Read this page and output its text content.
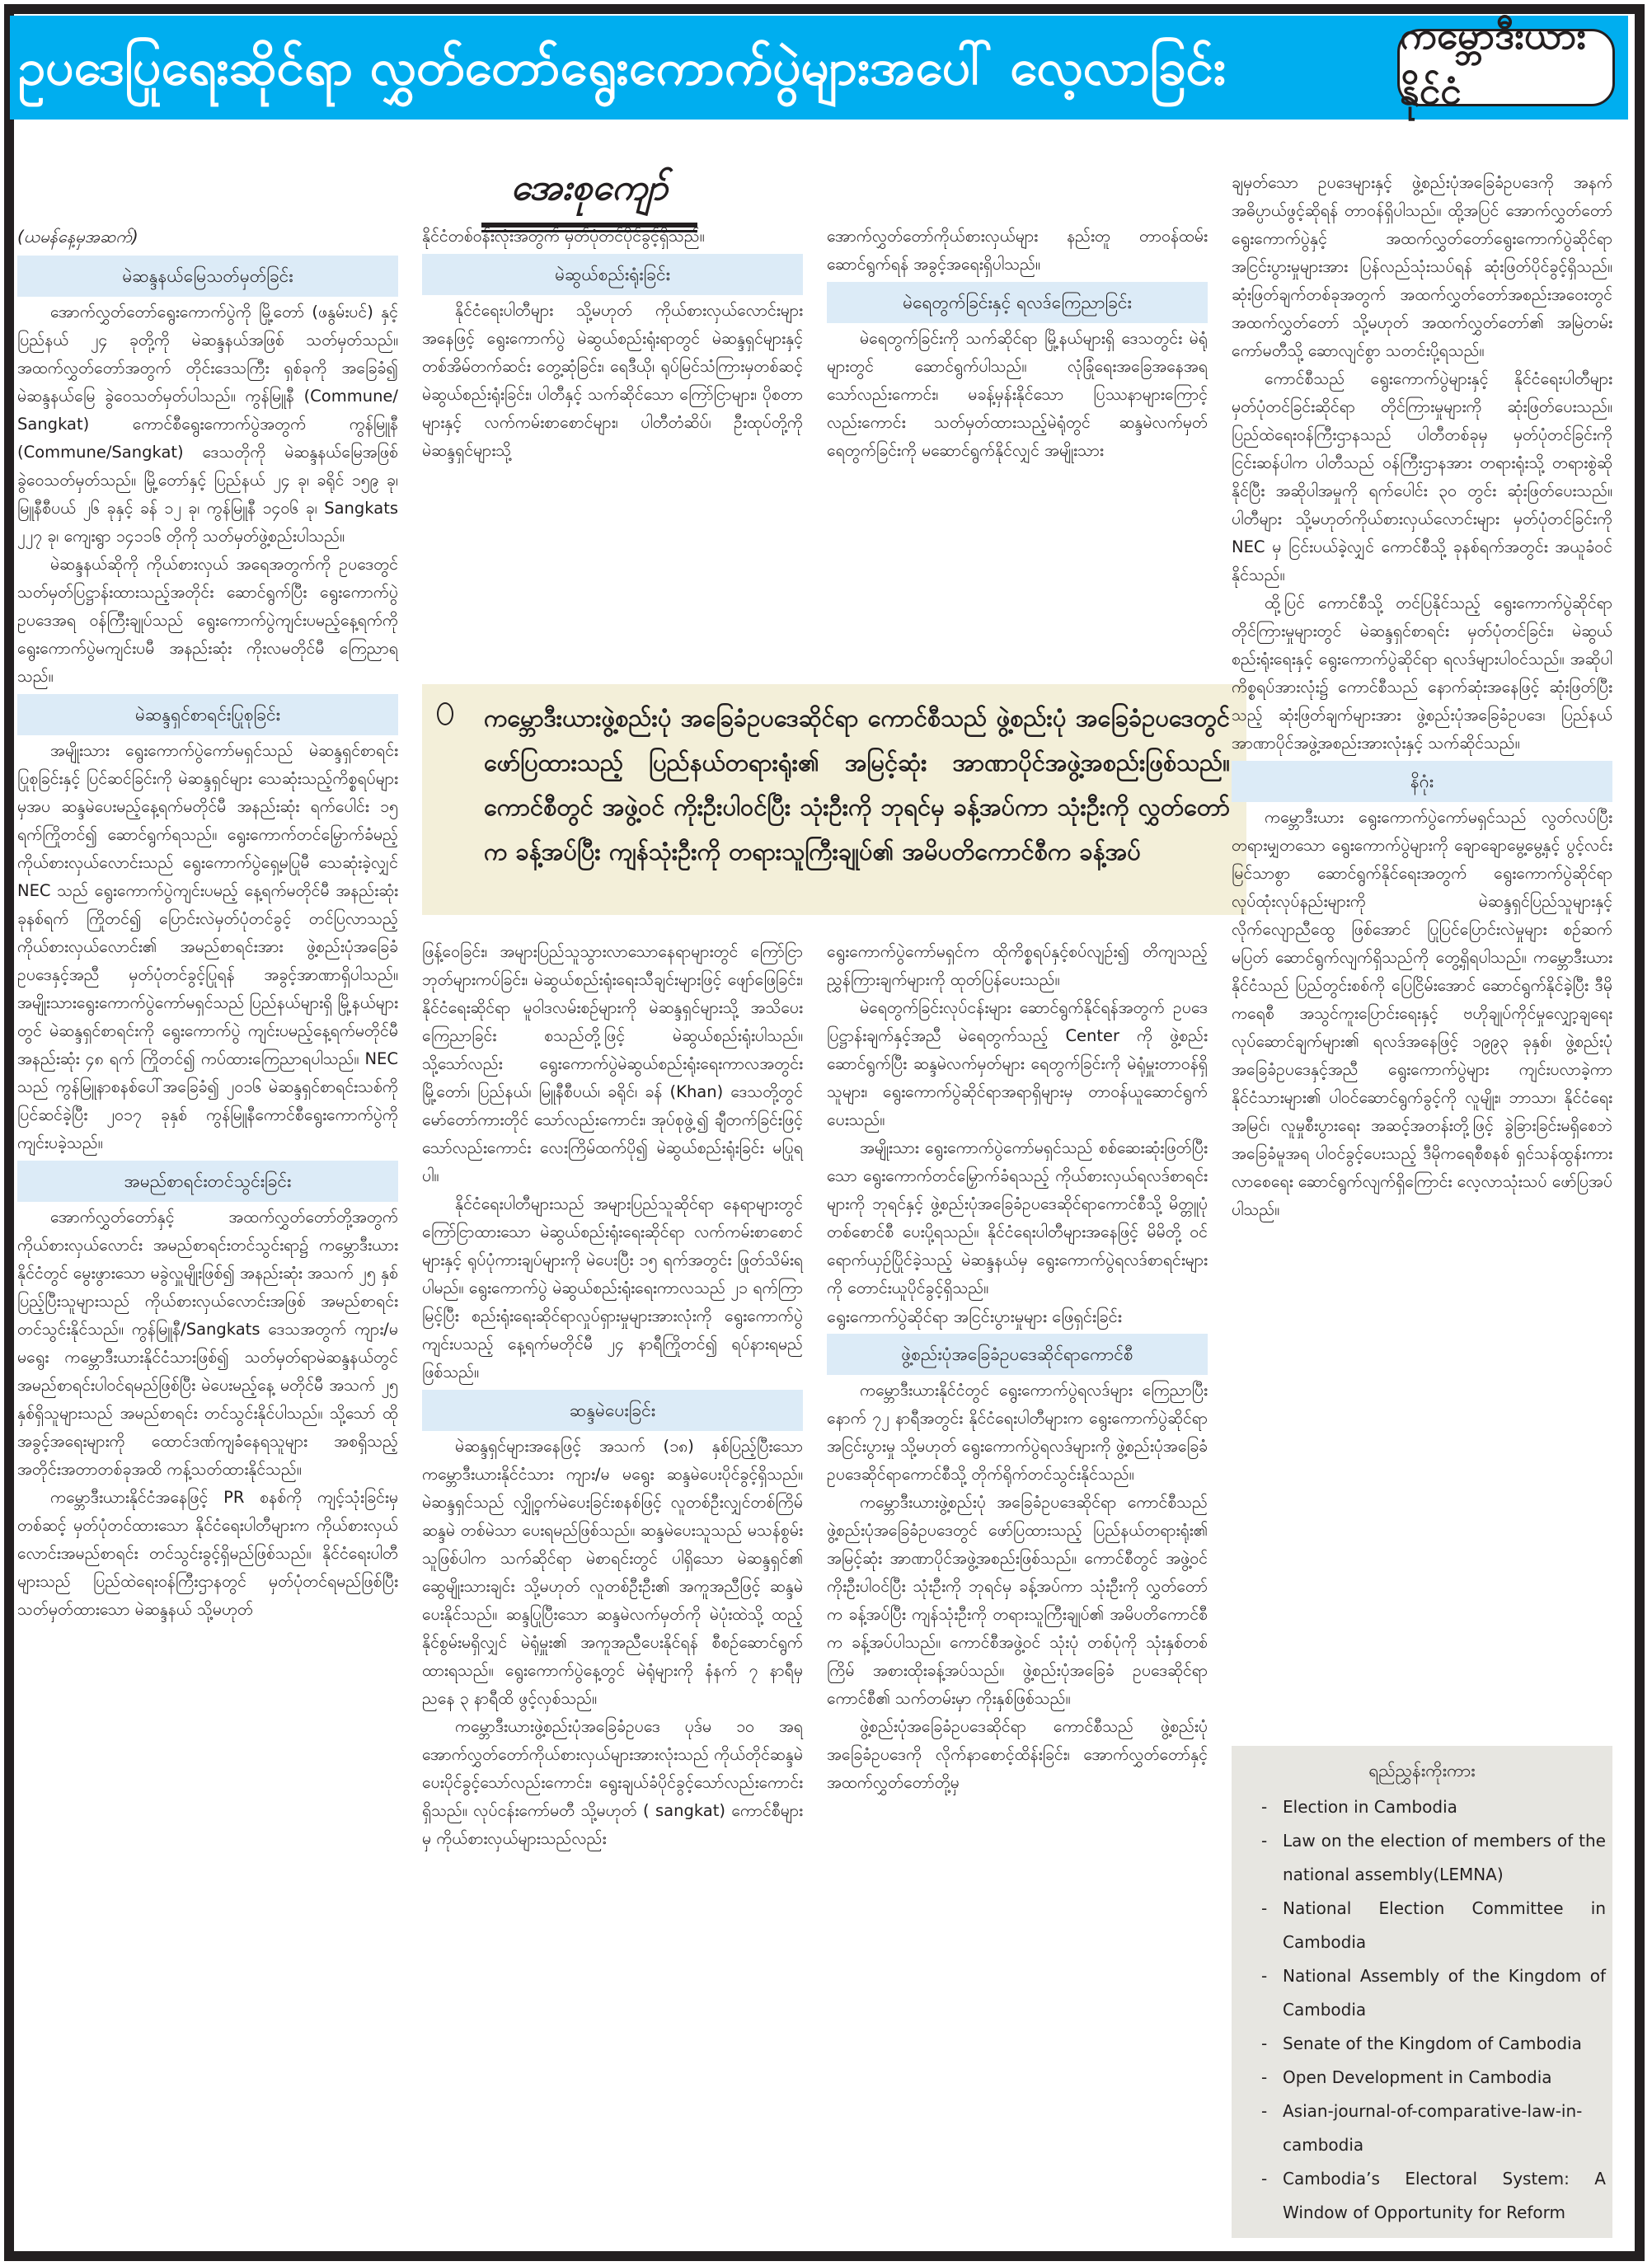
ဥပဒေပြုရေးဆိုင်ရာ လွှတ်တော်ရွေးကောက်ပွဲများအပေါ် လေ့လာခြင်း
ကမ္ဘောဒီးယားနိုင်ငံ
အေးစုကျော်
(ယမန်နေ့မှအဆက်)
မဲဆန္ဒနယ်မြေသတ်မှတ်ခြင်း

အောက်လွှတ်တော်ရွေးကောက်ပွဲကို မြို့တော် (ဖနွမ်းပင်) နှင့် ပြည်နယ် ၂၄ ခုတို့ကို မဲဆန္ဒနယ်အဖြစ် သတ်မှတ်သည်။ အထက်လွှတ်တော်အတွက် တိုင်းဒေသကြီး ရှစ်ခုကို အခြေခံ၍ မဲဆန္ဒနယ်မြေ ခွဲဝေသတ်မှတ်ပါသည်။ ကွန်မြူနီ (Commune/ Sangkat) ကောင်စီရွေးကောက်ပွဲအတွက် ကွန်မြူနီ (Commune/Sangkat) ဒေသတိုကို မဲဆန္ဒနယ်မြေအဖြစ် ခွဲဝေသတ်မှတ်သည်။ မြို့တော်နှင့် ပြည်နယ် ၂၄ ခု၊ ခရိုင် ၁၅၉ ခု၊ မြူနီစီပယ် ၂၆ ခုနှင့် ခန် ၁၂ ခု၊ ကွန်မြူနီ ၁၄၀၆ ခု၊ Sangkats ၂၂၇ ခု၊ ကျေးရွာ ၁၄၁၁၆ တိုကို သတ်မှတ်ဖွဲ့စည်းပါသည်။

မဲဆန္ဒနယ်ဆိုကို ကိုယ်စားလှယ် အရေအတွက်ကို ဥပဒေတွင် သတ်မှတ်ပြဋ္ဌာန်းထားသည့်အတိုင်း ဆောင်ရွက်ပြီး ရွေးကောက်ပွဲဥပဒေအရ ဝန်ကြီးချုပ်သည် ရွေးကောက်ပွဲကျင်းပမည့်နေ့ရက်ကို ရွေးကောက်ပွဲမကျင်းပမီ အနည်းဆုံး ကိုးလမတိုင်မီ ကြေညာရသည်။

မဲဆန္ဒရှင်စာရင်းပြုစုခြင်း

အမျိုးသား ရွေးကောက်ပွဲကော်မရှင်သည် မဲဆန္ဒရှင်စာရင်း ပြုစုခြင်းနှင့် ပြင်ဆင်ခြင်းကို မဲဆန္ဒရှင်များ သေဆုံးသည့်ကိစ္စရပ်များမှအပ ဆန္ဒမဲပေးမည့်နေ့ရက်မတိုင်မီ အနည်းဆုံး ရက်ပေါင်း ၁၅ ရက်ကြိုတင်၍ ဆောင်ရွက်ရသည်။ ရွေးကောက်တင်မြှောက်ခံမည့် ကိုယ်စားလှယ်လောင်းသည် ရွေးကောက်ပွဲရှေ့မပြုမီ သေဆုံးခဲ့လျှင် NEC သည် ရွေးကောက်ပွဲကျင်းပမည့် နေ့ရက်မတိုင်မီ အနည်းဆုံး ခုနစ်ရက် ကြိုတင်၍ ပြောင်းလဲမှတ်ပုံတင်ခွင့် တင်ပြလာသည့် ကိုယ်စားလှယ်လောင်း၏ အမည်စာရင်းအား ဖွဲ့စည်းပုံအခြေခံ ဥပဒေနှင့်အညီ မှတ်ပုံတင်ခွင့်ပြုရန် အခွင့်အာဏာရှိပါသည်။ အမျိုးသားရွေးကောက်ပွဲကော်မရှင်သည် ပြည်နယ်များရှိ မြို့နယ်များတွင် မဲဆန္ဒရှင်စာရင်းကို ရွေးကောက်ပွဲ ကျင်းပမည့်နေ့ရက်မတိုင်မီ အနည်းဆုံး ၄၈ ရက် ကြိုတင်၍ ကပ်ထားကြေညာရပါသည်။ NEC သည် ကွန်မြူနာစနစ်ပေါ်အခြေခံ၍ ၂၀၁၆ မဲဆန္ဒရှင်စာရင်းသစ်ကို ပြင်ဆင်ခဲ့ပြီး ၂၀၁၇ ခုနှစ် ကွန်မြူနီကောင်စီရွေးကောက်ပွဲကို ကျင်းပခဲ့သည်။

အမည်စာရင်းတင်သွင်းခြင်း

အောက်လွှတ်တော်နှင့် အထက်လွှတ်တော်တို့အတွက် ကိုယ်စားလှယ်လောင်း အမည်စာရင်းတင်သွင်းရာ၌ ကမ္ဘောဒီးယားနိုင်ငံတွင် မွေးဖွားသော မခွဲလှူမျိုးဖြစ်၍ အနည်းဆုံး အသက် ၂၅ နှစ်ပြည့်ပြီးသူများသည် ကိုယ်စားလှယ်လောင်းအဖြစ် အမည်စာရင်း တင်သွင်းနိုင်သည်။ ကွန်မြူနီ/Sangkats ဒေသအတွက် ကျား/မ မရွေး ကမ္ဘောဒီးယားနိုင်ငံသားဖြစ်၍ သတ်မှတ်ရာမဲဆန္ဒနယ်တွင် အမည်စာရင်းပါဝင်ရမည်ဖြစ်ပြီး မဲပေးမည့်နေ့ မတိုင်မီ အသက် ၂၅ နှစ်ရှိသူများသည် အမည်စာရင်း တင်သွင်းနိုင်ပါသည်။ သို့သော် ထိုအခွင့်အရေးများကို ထောင်ဒဏ်ကျခံနေရသူများ အစရှိသည့် အတိုင်းအတာတစ်ခုအထိ ကန့်သတ်ထားနိုင်သည်။

ကမ္ဘောဒီးယားနိုင်ငံအနေဖြင့် PR စနစ်ကို ကျင့်သုံးခြင်းမှတစ်ဆင့် မှတ်ပုံတင်ထားသော နိုင်ငံရေးပါတီများက ကိုယ်စားလှယ်လောင်းအမည်စာရင်း တင်သွင်းခွင့်ရှိမည်ဖြစ်သည်။ နိုင်ငံရေးပါတီများသည် ပြည်ထဲရေးဝန်ကြီးဌာနတွင် မှတ်ပုံတင်ရမည်ဖြစ်ပြီး သတ်မှတ်ထားသော မဲဆန္ဒနယ် သို့မဟုတ်

နိုင်ငံတစ်ဝန်းလုံးအတွက် မှတ်ပုံတင်ပိုင်ခွင့်ရှိသည်။

မဲဆွယ်စည်းရုံးခြင်း

နိုင်ငံရေးပါတီများ သို့မဟုတ် ကိုယ်စားလှယ်လောင်းများအနေဖြင့် ရွေးကောက်ပွဲ မဲဆွယ်စည်းရုံးရာတွင် မဲဆန္ဒရှင်များနှင့် တစ်အိမ်တက်ဆင်း တွေ့ဆုံခြင်း၊ ရေဒီယို၊ ရုပ်မြင်သံကြားမှတစ်ဆင့် မဲဆွယ်စည်းရုံးခြင်း၊ ပါတီနှင့် သက်ဆိုင်သော ကြော်ငြာများ၊ ပိုစတာများနှင့် လက်ကမ်းစာစောင်များ၊ ပါတီတံဆိပ်၊ ဦးထုပ်တို့ကို မဲဆန္ဒရှင်များသို့

အောက်လွှတ်တော်ကိုယ်စားလှယ်များ နည်းတူ တာဝန်ထမ်းဆောင်ရွက်ရန် အခွင့်အရေးရှိပါသည်။

မဲရေတွက်ခြင်းနှင့် ရလဒ်ကြေညာခြင်း

မဲရေတွက်ခြင်းကို သက်ဆိုင်ရာ မြို့နယ်များရှိ ဒေသတွင်း မဲရုံများတွင် ဆောင်ရွက်ပါသည်။ လုံခြုံရေးအခြေအနေအရသော်လည်းကောင်း၊ မခန့်မှန်းနိုင်သော ပြဿနာများကြောင့်လည်းကောင်း သတ်မှတ်ထားသည့်မဲရုံတွင် ဆန္ဒမဲလက်မှတ် ရေတွက်ခြင်းကို မဆောင်ရွက်နိုင်လျှင် အမျိုးသား

ကမ္ဘောဒီးယားဖွဲ့စည်းပုံ အခြေခံဥပဒေဆိုင်ရာ ကောင်စီသည် ဖွဲ့စည်းပုံ အခြေခံဥပဒေတွင် ဖော်ပြထားသည့် ပြည်နယ်တရားရုံး၏ အမြင့်ဆုံး အာဏာပိုင်အဖွဲ့အစည်းဖြစ်သည်။ ကောင်စီတွင် အဖွဲ့ဝင် ကိုးဦးပါဝင်ပြီး သုံးဦးကို ဘုရင်မှ ခန့်အပ်ကာ သုံးဦးကို လွှတ်တော်က ခန့်အပ်ပြီး ကျန်သုံးဦးကို တရားသူကြီးချုပ်၏ အမိပတိကောင်စီက ခန့်အပ်

ဖြန့်ဝေခြင်း၊ အများပြည်သူသွားလာသောနေရာများတွင် ကြော်ငြာဘုတ်များကပ်ခြင်း၊ မဲဆွယ်စည်းရုံးရေးသီချင်းများဖြင့် ဖျော်ဖြေခြင်း၊ နိုင်ငံရေးဆိုင်ရာ မူဝါဒလမ်းစဉ်များကို မဲဆန္ဒရှင်များသို့ အသိပေးကြေညာခြင်း စသည်တို့ဖြင့် မဲဆွယ်စည်းရုံးပါသည်။ သို့သော်လည်း ရွေးကောက်ပွဲမဲဆွယ်စည်းရုံးရေးကာလအတွင်း မြို့တော်၊ ပြည်နယ်၊ မြူနီစီပယ်၊ ခရိုင်၊ ခန် (Khan) ဒေသတို့တွင် မော်တော်ကားတိုင် သော်လည်းကောင်း၊ အုပ်စုဖွဲ့၍ ချီတက်ခြင်းဖြင့် သော်လည်းကောင်း လေးကြိမ်ထက်ပို၍ မဲဆွယ်စည်းရုံးခြင်း မပြုရပါ။

နိုင်ငံရေးပါတီများသည် အများပြည်သူဆိုင်ရာ နေရာများတွင် ကြော်ငြာထားသော မဲဆွယ်စည်းရုံးရေးဆိုင်ရာ လက်ကမ်းစာစောင်များနှင့် ရုပ်ပုံကားချပ်များကို မဲပေးပြီး ၁၅ ရက်အတွင်း ဖြုတ်သိမ်းရပါမည်။ ရွေးကောက်ပွဲ မဲဆွယ်စည်းရုံးရေးကာလသည် ၂၁ ရက်ကြာမြင့်ပြီး စည်းရုံးရေးဆိုင်ရာလှုပ်ရှားမှုများအားလုံးကို ရွေးကောက်ပွဲကျင်းပသည့် နေ့ရက်မတိုင်မီ ၂၄ နာရီကြိုတင်၍ ရပ်နားရမည်ဖြစ်သည်။

ဆန္ဒမဲပေးခြင်း

မဲဆန္ဒရှင်များအနေဖြင့် အသက် (၁၈) နှစ်ပြည့်ပြီးသော ကမ္ဘောဒီးယားနိုင်ငံသား ကျား/မ မရွေး ဆန္ဒမဲပေးပိုင်ခွင့်ရှိသည်။ မဲဆန္ဒရှင်သည် လျှို့ဝှက်မဲပေးခြင်းစနစ်ဖြင့် လူတစ်ဦးလျှင်တစ်ကြိမ် ဆန္ဒမဲ တစ်မဲသာ ပေးရမည်ဖြစ်သည်။ ဆန္ဒမဲပေးသူသည် မသန်စွမ်းသူဖြစ်ပါက သက်ဆိုင်ရာ မဲစာရင်းတွင် ပါရှိသော မဲဆန္ဒရှင်၏ ဆွေမျိုးသားချင်း သို့မဟုတ် လူတစ်ဦးဦး၏ အကူအညီဖြင့် ဆန္ဒမဲပေးနိုင်သည်။ ဆန္ဒပြုပြီးသော ဆန္ဒမဲလက်မှတ်ကို မဲပုံးထဲသို့ ထည့်နိုင်စွမ်းမရှိလျှင် မဲရုံမှူး၏ အကူအညီပေးနိုင်ရန် စီစဉ်ဆောင်ရွက်ထားရသည်။ ရွေးကောက်ပွဲနေ့တွင် မဲရုံများကို နံနက် ၇ နာရီမှ ညနေ ၃ နာရီထိ ဖွင့်လှစ်သည်။

ကမ္ဘောဒီးယားဖွဲ့စည်းပုံအခြေခံဥပဒေ ပုဒ်မ ၁၀ အရ အောက်လွှတ်တော်ကိုယ်စားလှယ်များအားလုံးသည် ကိုယ်တိုင်ဆန္ဒမဲပေးပိုင်ခွင့်သော်လည်းကောင်း၊ ရွေးချယ်ခံပိုင်ခွင့်သော်လည်းကောင်း ရှိသည်။ လုပ်ငန်းကော်မတီ သို့မဟုတ် ( sangkat) ကောင်စီများမှ ကိုယ်စားလှယ်များသည်လည်း

ရွေးကောက်ပွဲကော်မရှင်က ထိုကိစ္စရပ်နှင့်စပ်လျဉ်း၍ တိကျသည့်ညွှန်ကြားချက်များကို ထုတ်ပြန်ပေးသည်။

မဲရေတွက်ခြင်းလုပ်ငန်းများ ဆောင်ရွက်နိုင်ရန်အတွက် ဥပဒေပြဋ္ဌာန်းချက်နှင့်အညီ မဲရေတွက်သည့် Center ကို ဖွဲ့စည်းဆောင်ရွက်ပြီး ဆန္ဒမဲလက်မှတ်များ ရေတွက်ခြင်းကို မဲရုံမှူးတာဝန်ရှိသူများ၊ ရွေးကောက်ပွဲဆိုင်ရာအရာရှိများမှ တာဝန်ယူဆောင်ရွက်ပေးသည်။

အမျိုးသား ရွေးကောက်ပွဲကော်မရှင်သည် စစ်ဆေးဆုံးဖြတ်ပြီးသော ရွေးကောက်တင်မြှောက်ခံရသည့် ကိုယ်စားလှယ်ရလဒ်စာရင်းများကို ဘုရင်နှင့် ဖွဲ့စည်းပုံအခြေခံဥပဒေဆိုင်ရာကောင်စီသို့ မိတ္တူပုံတစ်စောင်စီ ပေးပို့ရသည်။ နိုင်ငံရေးပါတီများအနေဖြင့် မိမိတို့ ဝင်ရောက်ယှဉ်ပြိုင်ခဲ့သည့် မဲဆန္ဒနယ်မှ ရွေးကောက်ပွဲရလဒ်စာရင်းများကို တောင်းယူပိုင်ခွင့်ရှိသည်။

ရွေးကောက်ပွဲဆိုင်ရာ အငြင်းပွားမှုများ ဖြေရှင်းခြင်း
ဖွဲ့စည်းပုံအခြေခံဥပဒေဆိုင်ရာကောင်စီ

ကမ္ဘောဒီးယားနိုင်ငံတွင် ရွေးကောက်ပွဲရလဒ်များ ကြေညာပြီးနောက် ၇၂ နာရီအတွင်း နိုင်ငံရေးပါတီများက ရွေးကောက်ပွဲဆိုင်ရာ အငြင်းပွားမှု သို့မဟုတ် ရွေးကောက်ပွဲရလဒ်များကို ဖွဲ့စည်းပုံအခြေခံဥပဒေဆိုင်ရာကောင်စီသို့ တိုက်ရိုက်တင်သွင်းနိုင်သည်။

ကမ္ဘောဒီးယားဖွဲ့စည်းပုံ အခြေခံဥပဒေဆိုင်ရာ ကောင်စီသည် ဖွဲ့စည်းပုံအခြေခံဥပဒေတွင် ဖော်ပြထားသည့် ပြည်နယ်တရားရုံး၏ အမြင့်ဆုံး အာဏာပိုင်အဖွဲ့အစည်းဖြစ်သည်။ ကောင်စီတွင် အဖွဲ့ဝင် ကိုးဦးပါဝင်ပြီး သုံးဦးကို ဘုရင်မှ ခန့်အပ်ကာ သုံးဦးကို လွှတ်တော်က ခန့်အပ်ပြီး ကျန်သုံးဦးကို တရားသူကြီးချုပ်၏ အမိပတိကောင်စီက ခန့်အပ်ပါသည်။ ကောင်စီအဖွဲ့ဝင် သုံးပုံ တစ်ပုံကို သုံးနှစ်တစ်ကြိမ် အစားထိုးခန့်အပ်သည်။ ဖွဲ့စည်းပုံအခြေခံ ဥပဒေဆိုင်ရာကောင်စီ၏ သက်တမ်းမှာ ကိုးနှစ်ဖြစ်သည်။

ဖွဲ့စည်းပုံအခြေခံဥပဒေဆိုင်ရာ ကောင်စီသည် ဖွဲ့စည်းပုံအခြေခံဥပဒေကို လိုက်နာစောင့်ထိန်းခြင်း၊ အောက်လွှတ်တော်နှင့် အထက်လွှတ်တော်တို့မှ

ချမှတ်သော ဥပဒေများနှင့် ဖွဲ့စည်းပုံအခြေခံဥပဒေကို အနက်အဓိပ္ပာယ်ဖွင့်ဆိုရန် တာဝန်ရှိပါသည်။ ထို့အပြင် အောက်လွှတ်တော်ရွေးကောက်ပွဲနှင့် အထက်လွှတ်တော်ရွေးကောက်ပွဲဆိုင်ရာ အငြင်းပွားမှုများအား ပြန်လည်သုံးသပ်ရန် ဆုံးဖြတ်ပိုင်ခွင့်ရှိသည်။ ဆုံးဖြတ်ချက်တစ်ခုအတွက် အထက်လွှတ်တော်အစည်းအဝေးတွင် အထက်လွှတ်တော် သို့မဟုတ် အထက်လွှတ်တော်၏ အမြဲတမ်းကော်မတီသို့ ဆောလျင်စွာ သတင်းပို့ရသည်။

ကောင်စီသည် ရွေးကောက်ပွဲများနှင့် နိုင်ငံရေးပါတီများမှတ်ပုံတင်ခြင်းဆိုင်ရာ တိုင်ကြားမှုများကို ဆုံးဖြတ်ပေးသည်။ ပြည်ထဲရေးဝန်ကြီးဌာနသည် ပါတီတစ်ခုမှ မှတ်ပုံတင်ခြင်းကို ငြင်းဆန်ပါက ပါတီသည် ဝန်ကြီးဌာနအား တရားရုံးသို့ တရားစွဲဆို နိုင်ပြီး အဆိုပါအမှုကို ရက်ပေါင်း ၃၀ တွင်း ဆုံးဖြတ်ပေးသည်။ ပါတီများ သို့မဟုတ်ကိုယ်စားလှယ်လောင်းများ မှတ်ပုံတင်ခြင်းကို NEC မှ ငြင်းပယ်ခဲ့လျှင် ကောင်စီသို့ ခုနစ်ရက်အတွင်း အယူခံဝင်နိုင်သည်။

ထို့ပြင် ကောင်စီသို့ တင်ပြနိုင်သည့် ရွေးကောက်ပွဲဆိုင်ရာ တိုင်ကြားမှုများတွင် မဲဆန္ဒရှင်စာရင်း မှတ်ပုံတင်ခြင်း၊ မဲဆွယ်စည်းရုံးရေးနှင့် ရွေးကောက်ပွဲဆိုင်ရာ ရလဒ်များပါဝင်သည်။ အဆိုပါကိစ္စရပ်အားလုံး၌ ကောင်စီသည် နောက်ဆုံးအနေဖြင့် ဆုံးဖြတ်ပြီးသည့် ဆုံးဖြတ်ချက်များအား ဖွဲ့စည်းပုံအခြေခံဥပဒေ၊ ပြည်နယ်အာဏာပိုင်အဖွဲ့အစည်းအားလုံးနှင့် သက်ဆိုင်သည်။

နိဂုံး

ကမ္ဘောဒီးယား ရွေးကောက်ပွဲကော်မရှင်သည် လွတ်လပ်ပြီး တရားမျှတသော ရွေးကောက်ပွဲများကို ချောချောမွေ့မွေ့နှင့် ပွင့်လင်းမြင်သာစွာ ဆောင်ရွက်နိုင်ရေးအတွက် ရွေးကောက်ပွဲဆိုင်ရာ လုပ်ထုံးလုပ်နည်းများကို မဲဆန္ဒရှင်ပြည်သူများနှင့် လိုက်လျောညီထွေ ဖြစ်အောင် ပြုပြင်ပြောင်းလဲမှုများ စဉ်ဆက်မပြတ် ဆောင်ရွက်လျက်ရှိသည်ကို တွေ့ရှိရပါသည်။ ကမ္ဘောဒီးယားနိုင်ငံသည် ပြည်တွင်းစစ်ကို ပြေငြိမ်းအောင် ဆောင်ရွက်နိုင်ခဲ့ပြီး ဒီမိုကရေစီ အသွင်ကူးပြောင်းရေးနှင့် ဗဟိုချုပ်ကိုင်မှုလျှော့ချရေးလုပ်ဆောင်ချက်များ၏ ရလဒ်အနေဖြင့် ၁၉၉၃ ခုနှစ်၊ ဖွဲ့စည်းပုံအခြေခံဥပဒေနှင့်အညီ ရွေးကောက်ပွဲများ ကျင်းပလာခဲ့ကာ နိုင်ငံသားများ၏ ပါဝင်ဆောင်ရွက်ခွင့်ကို လူမျိုး၊ ဘာသာ၊ နိုင်ငံရေး အမြင်၊ လူမှုစီးပွားရေး အဆင့်အတန်းတို့ဖြင့် ခွဲခြားခြင်းမရှိစေဘဲ အခြေခံမူအရ ပါဝင်ခွင့်ပေးသည့် ဒီမိုကရေစီစနစ် ရှင်သန်ထွန်းကားလာစေရေး ဆောင်ရွက်လျက်ရှိကြောင်း လေ့လာသုံးသပ် ဖော်ပြအပ်ပါသည်။

ရည်ညွှန်းကိုးကား
- Election in Cambodia
- Law on the election of members of the national assembly(LEMNA)
- National Election Committee in Cambodia
- National Assembly of the Kingdom of Cambodia
- Senate of the Kingdom of Cambodia
- Open Development in Cambodia
- Asian-journal-of-comparative-law-in-cambodia
- Cambodia’s Electoral System: A Window of Opportunity for Reform
